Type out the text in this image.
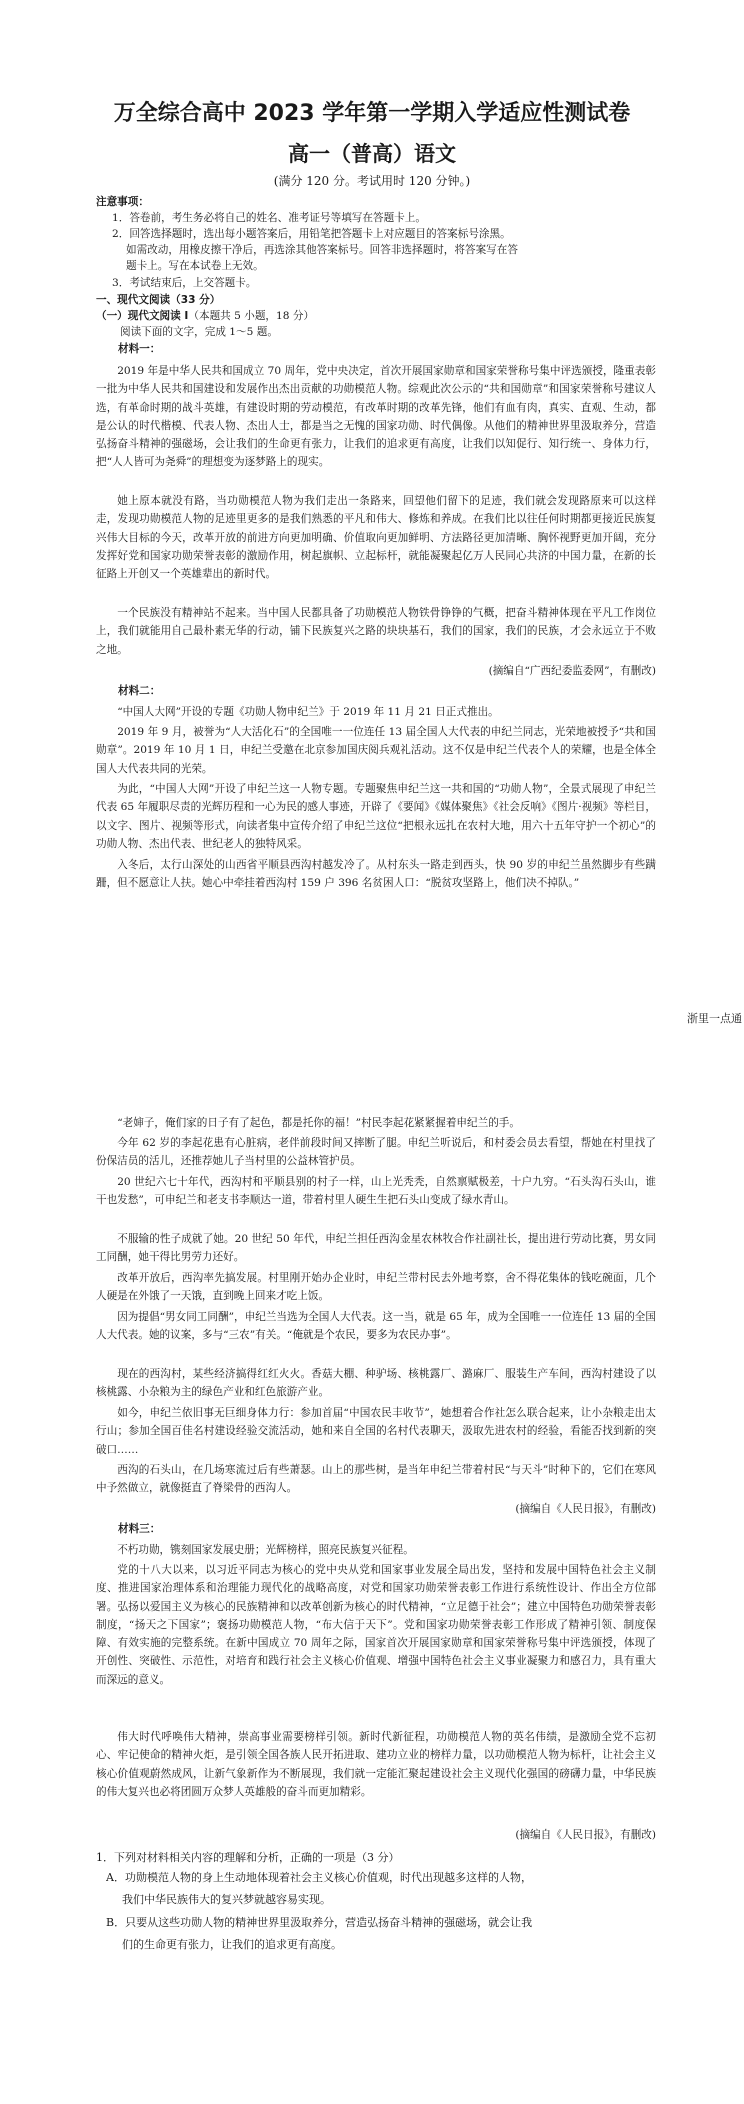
万全综合高中 2023 学年第一学期入学适应性测试卷
高一（普高）语文
(满分 120 分。考试用时 120 分钟。)
注意事项：
1．答卷前，考生务必将自己的姓名、准考证号等填写在答题卡上。
2．回答选择题时，选出每小题答案后，用铅笔把答题卡上对应题目的答案标号涂黑。
如需改动，用橡皮擦干净后，再选涂其他答案标号。回答非选择题时，将答案写在答
题卡上。写在本试卷上无效。
3．考试结束后，上交答题卡。
一、现代文阅读（33 分）
（一）现代文阅读 I（本题共 5 小题，18 分）
阅读下面的文字，完成 1～5 题。
材料一：
2019 年是中华人民共和国成立 70 周年，党中央决定，首次开展国家勋章和国家荣誉称号集中评选颁授，隆重表彰一批为中华人民共和国建设和发展作出杰出贡献的功勋模范人物。综观此次公示的“共和国勋章”和国家荣誉称号建议人选，有革命时期的战斗英雄，有建设时期的劳动模范，有改革时期的改革先锋，他们有血有肉，真实、直观、生动，都是公认的时代楷模、代表人物、杰出人士，都是当之无愧的国家功勋、时代偶像。从他们的精神世界里汲取养分，营造弘扬奋斗精神的强磁场，会让我们的生命更有张力，让我们的追求更有高度，让我们以知促行、知行统一、身体力行，把“人人皆可为尧舜”的理想变为逐梦路上的现实。
她上原本就没有路，当功勋模范人物为我们走出一条路来，回望他们留下的足迹，我们就会发现路原来可以这样走，发现功勋模范人物的足迹里更多的是我们熟悉的平凡和伟大、修炼和养成。在我们比以往任何时期都更接近民族复兴伟大目标的今天，改革开放的前进方向更加明确、价值取向更加鲜明、方法路径更加清晰、胸怀视野更加开阔，充分发挥好党和国家功勋荣誉表彰的激励作用，树起旗帜、立起标杆，就能凝聚起亿万人民同心共济的中国力量，在新的长征路上开创又一个英雄辈出的新时代。
一个民族没有精神站不起来。当中国人民都具备了功勋模范人物铁骨铮铮的气概，把奋斗精神体现在平凡工作岗位上，我们就能用自己最朴素无华的行动，铺下民族复兴之路的块块基石，我们的国家，我们的民族，才会永远立于不败之地。
(摘编自“广西纪委监委网”，有删改)
材料二：
“中国人大网”开设的专题《功勋人物申纪兰》于 2019 年 11 月 21 日正式推出。
2019 年 9 月，被誉为“人大活化石”的全国唯一一位连任 13 届全国人大代表的申纪兰同志，光荣地被授予“共和国勋章”。2019 年 10 月 1 日，申纪兰受邀在北京参加国庆阅兵观礼活动。这不仅是申纪兰代表个人的荣耀，也是全体全国人大代表共同的光荣。
为此，“中国人大网”开设了申纪兰这一人物专题。专题聚焦申纪兰这一共和国的“功勋人物”，全景式展现了申纪兰代表 65 年履职尽责的光辉历程和一心为民的感人事迹，开辟了《要闻》《媒体聚焦》《社会反响》《图片·视频》等栏目，以文字、图片、视频等形式，向读者集中宣传介绍了申纪兰这位“把根永远扎在农村大地，用六十五年守护一个初心”的功勋人物、杰出代表、世纪老人的独特风采。
入冬后，太行山深处的山西省平顺县西沟村越发冷了。从村东头一路走到西头，快 90 岁的申纪兰虽然脚步有些蹒跚，但不愿意让人扶。她心中牵挂着西沟村 159 户 396 名贫困人口：“脱贫攻坚路上，他们决不掉队。”
浙里一点通
“老婶子，俺们家的日子有了起色，都是托你的福！”村民李起花紧紧握着申纪兰的手。
今年 62 岁的李起花患有心脏病，老伴前段时间又摔断了腿。申纪兰听说后，和村委会员去看望，帮她在村里找了份保洁员的活儿，还推荐她儿子当村里的公益林管护员。
20 世纪六七十年代，西沟村和平顺县别的村子一样，山上光秃秃，自然禀赋极差，十户九穷。“石头沟石头山，谁干也发愁”，可申纪兰和老支书李顺达一道，带着村里人硬生生把石头山变成了绿水青山。
不服输的性子成就了她。20 世纪 50 年代，申纪兰担任西沟金星农林牧合作社副社长，提出进行劳动比赛，男女同工同酬，她干得比男劳力还好。
改革开放后，西沟率先搞发展。村里刚开始办企业时，申纪兰带村民去外地考察，舍不得花集体的钱吃碗面，几个人硬是在外饿了一天饿，直到晚上回来才吃上饭。
因为提倡“男女同工同酬”，申纪兰当选为全国人大代表。这一当，就是 65 年，成为全国唯一一位连任 13 届的全国人大代表。她的议案，多与“三农”有关。“俺就是个农民，要多为农民办事”。
现在的西沟村，某些经济搞得红红火火。香菇大棚、种驴场、核桃露厂、潞麻厂、服装生产车间，西沟村建设了以核桃露、小杂粮为主的绿色产业和红色旅游产业。
如今，申纪兰依旧事无巨细身体力行：参加首届“中国农民丰收节”，她想着合作社怎么联合起来，让小杂粮走出太行山；参加全国百佳名村建设经验交流活动，她和来自全国的名村代表聊天，汲取先进农村的经验，看能否找到新的突破口……
西沟的石头山，在几场寒流过后有些萧瑟。山上的那些树，是当年申纪兰带着村民“与天斗”时种下的，它们在寒风中予然做立，就像挺直了脊梁骨的西沟人。
(摘编自《人民日报》，有删改)
材料三：
不朽功勋，镌刻国家发展史册；光辉榜样，照亮民族复兴征程。
党的十八大以来，以习近平同志为核心的党中央从党和国家事业发展全局出发，坚持和发展中国特色社会主义制度、推进国家治理体系和治理能力现代化的战略高度，对党和国家功勋荣誉表彰工作进行系统性设计、作出全方位部署。弘扬以爱国主义为核心的民族精神和以改革创新为核心的时代精神，“立足德于社会”；建立中国特色功勋荣誉表彰制度，“扬天之下国家”；褒扬功勋模范人物，“布大信于天下”。党和国家功勋荣誉表彰工作形成了精神引领、制度保障、有效实施的完整系统。在新中国成立 70 周年之际，国家首次开展国家勋章和国家荣誉称号集中评选颁授，体现了开创性、突破性、示范性，对培育和践行社会主义核心价值观、增强中国特色社会主义事业凝聚力和感召力，具有重大而深远的意义。
伟大时代呼唤伟大精神，崇高事业需要榜样引领。新时代新征程，功勋模范人物的英名伟绩，是激励全党不忘初心、牢记使命的精神火炬，是引领全国各族人民开拓进取、建功立业的榜样力量，以功勋模范人物为标杆，让社会主义核心价值观蔚然成风，让新气象新作为不断展现，我们就一定能汇聚起建设社会主义现代化强国的磅礴力量，中华民族的伟大复兴也必将团圆万众梦人英雄般的奋斗而更加精彩。
(摘编自《人民日报》，有删改)
1．下列对材料相关内容的理解和分析，正确的一项是（3 分）
A．功勋模范人物的身上生动地体现着社会主义核心价值观，时代出现越多这样的人物，
我们中华民族伟大的复兴梦就越容易实现。
B．只要从这些功勋人物的精神世界里汲取养分，营造弘扬奋斗精神的强磁场，就会让我
们的生命更有张力，让我们的追求更有高度。
